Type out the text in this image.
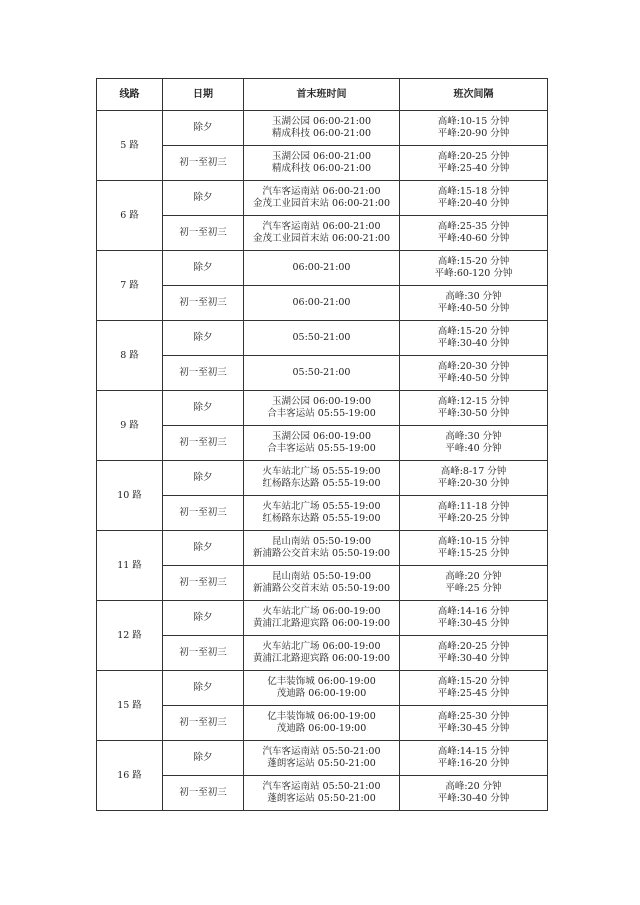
线路	日期	首末班时间	班次间隔
5 路	除夕	玉湖公园 06:00-21:00
精成科技 06:00-21:00	高峰:10-15 分钟
平峰:20-90 分钟

	初一至初三	玉湖公园 06:00-21:00
精成科技 06:00-21:00	高峰:20-25 分钟
平峰:25-40 分钟

6 路	除夕	汽车客运南站 06:00-21:00
金茂工业园首末站 06:00-21:00	高峰:15-18 分钟
平峰:20-40 分钟

	初一至初三	汽车客运南站 06:00-21:00
金茂工业园首末站 06:00-21:00	高峰:25-35 分钟
平峰:40-60 分钟

7 路	除夕	06:00-21:00	高峰:15-20 分钟
平峰:60-120 分钟

	初一至初三	06:00-21:00	高峰:30 分钟
平峰:40-50 分钟

8 路	除夕	05:50-21:00	高峰:15-20 分钟
平峰:30-40 分钟

	初一至初三	05:50-21:00	高峰:20-30 分钟
平峰:40-50 分钟

9 路	除夕	玉湖公园 06:00-19:00
合丰客运站 05:55-19:00	高峰:12-15 分钟
平峰:30-50 分钟

	初一至初三	玉湖公园 06:00-19:00
合丰客运站 05:55-19:00	高峰:30 分钟
平峰:40 分钟

10 路	除夕	火车站北广场 05:55-19:00
红杨路东达路 05:55-19:00	高峰:8-17 分钟
平峰:20-30 分钟

	初一至初三	火车站北广场 05:55-19:00
红杨路东达路 05:55-19:00	高峰:11-18 分钟
平峰:20-25 分钟

11 路	除夕	昆山南站 05:50-19:00
新浦路公交首末站 05:50-19:00	高峰:10-15 分钟
平峰:15-25 分钟

	初一至初三	昆山南站 05:50-19:00
新浦路公交首末站 05:50-19:00	高峰:20 分钟
平峰:25 分钟

12 路	除夕	火车站北广场 06:00-19:00
黄浦江北路迎宾路 06:00-19:00	高峰:14-16 分钟
平峰:30-45 分钟

	初一至初三	火车站北广场 06:00-19:00
黄浦江北路迎宾路 06:00-19:00	高峰:20-25 分钟
平峰:30-40 分钟

15 路	除夕	亿丰装饰城 06:00-19:00
茂迪路 06:00-19:00	高峰:15-20 分钟
平峰:25-45 分钟

	初一至初三	亿丰装饰城 06:00-19:00
茂迪路 06:00-19:00	高峰:25-30 分钟
平峰:30-45 分钟

16 路	除夕	汽车客运南站 05:50-21:00
蓬朗客运站 05:50-21:00	高峰:14-15 分钟
平峰:16-20 分钟

	初一至初三	汽车客运南站 05:50-21:00
蓬朗客运站 05:50-21:00	高峰:20 分钟
平峰:30-40 分钟
